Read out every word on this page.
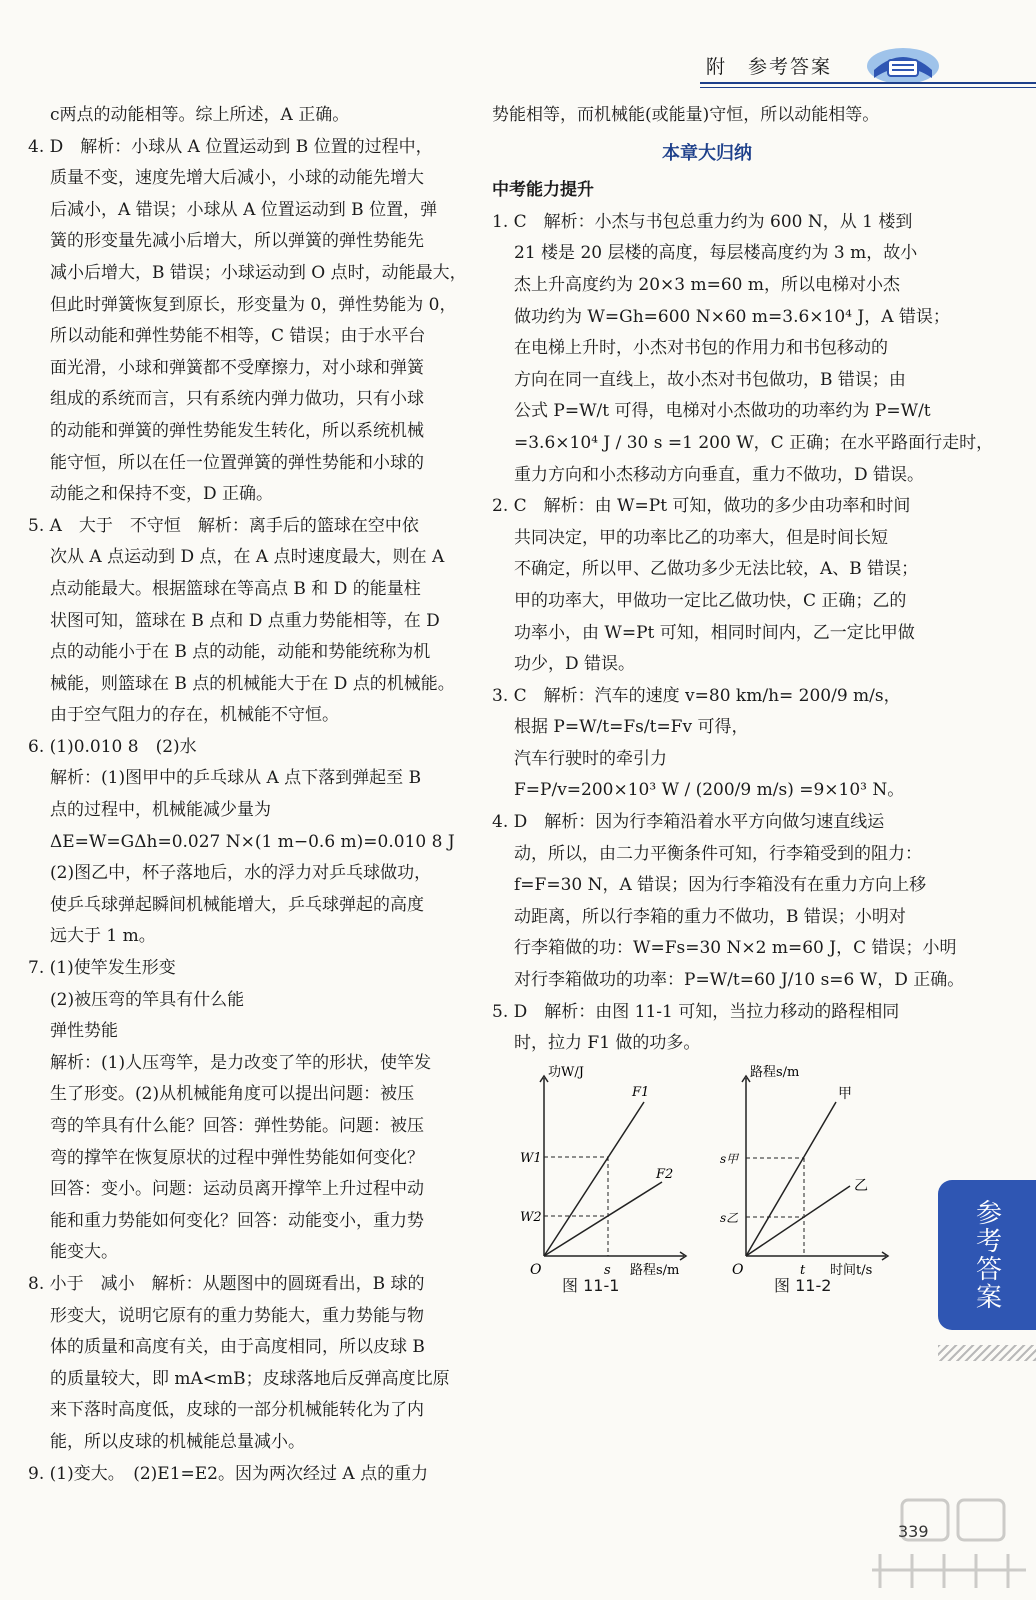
附　参考答案
参考答案

c两点的动能相等。综上所述，A 正确。

4. D　解析：小球从 A 位置运动到 B 位置的过程中，

质量不变，速度先增大后减小，小球的动能先增大

后减小，A 错误；小球从 A 位置运动到 B 位置，弹

簧的形变量先减小后增大，所以弹簧的弹性势能先

减小后增大，B 错误；小球运动到 O 点时，动能最大，

但此时弹簧恢复到原长，形变量为 0，弹性势能为 0，

所以动能和弹性势能不相等，C 错误；由于水平台

面光滑，小球和弹簧都不受摩擦力，对小球和弹簧

组成的系统而言，只有系统内弹力做功，只有小球

的动能和弹簧的弹性势能发生转化，所以系统机械

能守恒，所以在任一位置弹簧的弹性势能和小球的

动能之和保持不变，D 正确。

5. A　大于　不守恒　解析：离手后的篮球在空中依

次从 A 点运动到 D 点，在 A 点时速度最大，则在 A

点动能最大。根据篮球在等高点 B 和 D 的能量柱

状图可知，篮球在 B 点和 D 点重力势能相等，在 D

点的动能小于在 B 点的动能，动能和势能统称为机

械能，则篮球在 B 点的机械能大于在 D 点的机械能。

由于空气阻力的存在，机械能不守恒。

6. (1)0.010 8　(2)水

解析：(1)图甲中的乒乓球从 A 点下落到弹起至 B

点的过程中，机械能减少量为

ΔE=W=GΔh=0.027 N×(1 m−0.6 m)=0.010 8 J

(2)图乙中，杯子落地后，水的浮力对乒乓球做功，

使乒乓球弹起瞬间机械能增大，乒乓球弹起的高度

远大于 1 m。

7. (1)使竿发生形变

(2)被压弯的竿具有什么能

弹性势能

解析：(1)人压弯竿，是力改变了竿的形状，使竿发

生了形变。(2)从机械能角度可以提出问题：被压

弯的竿具有什么能？回答：弹性势能。问题：被压

弯的撑竿在恢复原状的过程中弹性势能如何变化？

回答：变小。问题：运动员离开撑竿上升过程中动

能和重力势能如何变化？回答：动能变小，重力势

能变大。

8. 小于　减小　解析：从题图中的圆斑看出，B 球的

形变大，说明它原有的重力势能大，重力势能与物

体的质量和高度有关，由于高度相同，所以皮球 B

的质量较大，即 mA<mB；皮球落地后反弹高度比原

来下落时高度低，皮球的一部分机械能转化为了内

能，所以皮球的机械能总量减小。

9. (1)变大。　(2)E1=E2。因为两次经过 A 点的重力

势能相等，而机械能(或能量)守恒，所以动能相等。

本章大归纳

中考能力提升

1. C　解析：小杰与书包总重力约为 600 N，从 1 楼到

21 楼是 20 层楼的高度，每层楼高度约为 3 m，故小

杰上升高度约为 20×3 m=60 m，所以电梯对小杰

做功约为 W=Gh=600 N×60 m=3.6×10⁴ J，A 错误；

在电梯上升时，小杰对书包的作用力和书包移动的

方向在同一直线上，故小杰对书包做功，B 错误；由

公式 P=W/t 可得，电梯对小杰做功的功率约为 P=W/t

=3.6×10⁴ J / 30 s =1 200 W，C 正确；在水平路面行走时，

重力方向和小杰移动方向垂直，重力不做功，D 错误。

2. C　解析：由 W=Pt 可知，做功的多少由功率和时间

共同决定，甲的功率比乙的功率大，但是时间长短

不确定，所以甲、乙做功多少无法比较，A、B 错误；

甲的功率大，甲做功一定比乙做功快，C 正确；乙的

功率小，由 W=Pt 可知，相同时间内，乙一定比甲做

功少，D 错误。

3. C　解析：汽车的速度 v=80 km/h= 200/9 m/s，

根据 P=W/t=Fs/t=Fv 可得，

汽车行驶时的牵引力

F=P/v=200×10³ W / (200/9 m/s) =9×10³ N。

4. D　解析：因为行李箱沿着水平方向做匀速直线运

动，所以，由二力平衡条件可知，行李箱受到的阻力：

f=F=30 N，A 错误；因为行李箱没有在重力方向上移

动距离，所以行李箱的重力不做功，B 错误；小明对

行李箱做的功：W=Fs=30 N×2 m=60 J，C 错误；小明

对行李箱做功的功率：P=W/t=60 J/10 s=6 W，D 正确。

5. D　解析：由图 11-1 可知，当拉力移动的路程相同

时，拉力 F1 做的功多。

功W/J
路程s/m
O	s
W1
W2
F1
F2
图 11-1
路程s/m
时间t/s
O	t
s甲
s乙
甲
乙
图 11-2
339
